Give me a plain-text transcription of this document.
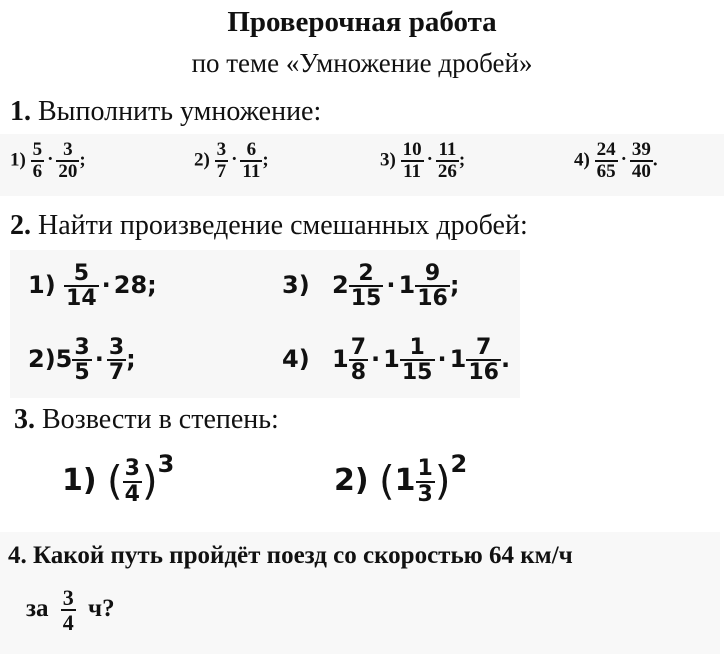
Проверочная работа
по теме «Умножение дробей»
1. Выполнить умножение:
$1) \frac{5}{6} \cdot \frac{3}{20}$ ;	$2) \frac{3}{7} \cdot \frac{6}{11}$ ;	$3) \frac{10}{11} \cdot \frac{11}{26}$ ;	$4) \frac{24}{65} \cdot \frac{39}{40}$ .
2. Найти произведение смешанных дробей:
$1) \frac{5}{14} \cdot 28$;	3) $2 \frac{2}{15} \cdot 1 \frac{9}{16}$ ;
$2)5 \frac{3}{5} \cdot \frac{3}{7}$ ;	4) $1 \frac{7}{8} \cdot 1 \frac{1}{15} \cdot 1 \frac{7}{16}$ .
3. Возвести в степень:
1) ( $\frac{3}{4} )^3$	2) $(1 \frac{1}{3} )^2$
4. Какой путь пройдёт поезд со скоростью 64 км/ч
за $\frac{3}{4} ч$?
